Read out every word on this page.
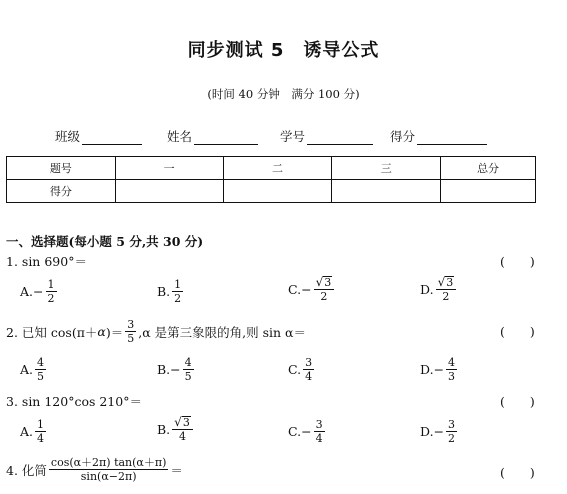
同步测试 5　诱导公式
(时间 40 分钟　满分 100 分)
班级	姓名	学号	得分
题号	一	二	三	总分
得分				
一、选择题(每小题 5 分,共 30 分)
1. sin 690°＝	(　　)
A. − $\frac{1}{2}$	B. $\frac{1}{2}$	C. − $\frac{√ 3}{2}$	D. $\frac{√ 3}{2}$
2. 已知 cos(π＋ α )＝ $\frac{3}{5} ,\alpha$ 是第三象限的角,则 sin α＝	(　　)
A. $\frac{4}{5}$	B. − $\frac{4}{5}$	C. $\frac{3}{4}$	D. − $\frac{4}{3}$
3. sin 120°cos 210°＝	(　　)
A. $\frac{1}{4}$	B. $\frac{√ 3}{4}$	C. − $\frac{3}{4}$	D. − $\frac{3}{2}$
4. 化简 $\frac{\cos(\alpha+2\pi) \tan(\alpha+\pi)}{\sin(\alpha-2\pi)}$ ＝	(　　)
